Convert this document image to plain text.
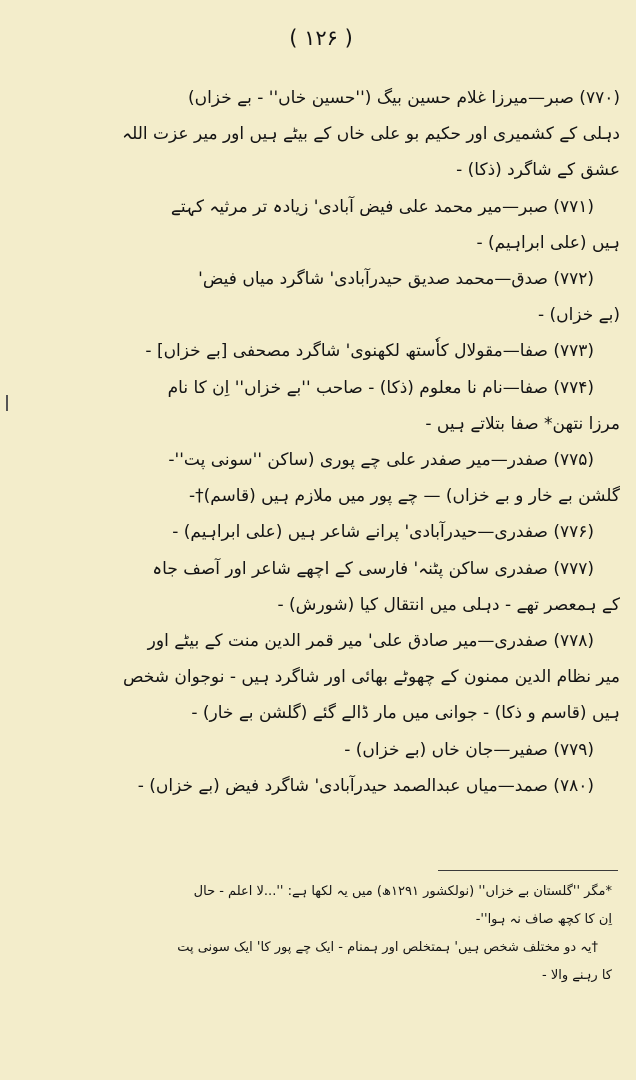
( ۱۲۶ )

(۷۷۰) صبر—میرزا غلام حسین بیگ (''حسین خاں'' - بے خزاں)

دہلی کے کشمیری اور حکیم بو علی خاں کے بیٹے ہیں اور میر عزت اللہ

عشق کے شاگرد (ذکا) -

(۷۷۱) صبر—میر محمد علی فیض آبادی' زیادہ تر مرثیہ کہتے

ہیں (علی ابراہیم) -

(۷۷۲) صدق—محمد صدیق حیدرآبادی' شاگرد میاں فیض'

(بے خزاں) -

(۷۷۳) صفا—مقولال کاٗستھ لکھنوی' شاگرد مصحفی [بے خزاں] -

(۷۷۴) صفا—نام نا معلوم (ذکا) - صاحب ''بے خزاں'' اِن کا نام

مرزا نتھن* صفا بتلاتے ہیں -

(۷۷۵) صفدر—میر صفدر علی چے پوری (ساکن ''سونی پت''-

گلشن بے خار و بے خزاں) — چے پور میں ملازم ہیں (قاسم)†-

(۷۷۶) صفدری—حیدرآبادی' پرانے شاعر ہیں (علی ابراہیم) -

(۷۷۷) صفدری ساکن پٹنہ' فارسی کے اچھے شاعر اور آصف جاہ

کے ہمعصر تھے - دہلی میں انتقال کیا (شورش) -

(۷۷۸) صفدری—میر صادق علی' میر قمر الدین منت کے بیٹے اور

میر نظام الدین ممنون کے چھوٹے بھائی اور شاگرد ہیں - نوجوان شخص

ہیں (قاسم و ذکا) - جوانی میں مار ڈالے گئے (گلشن بے خار) -

(۷۷۹) صفیر—جان خاں (بے خزاں) -

(۷۸۰) صمد—میاں عبدالصمد حیدرآبادی' شاگرد فیض (بے خزاں) -

*مگر ''گلستان بے خزاں'' (نولکشور ۱۲۹۱ھ) میں یہ لکھا ہے: ''...لا اعلم - حال

اِن کا کچھ صاف نہ ہوا''-

†یہ دو مختلف شخص ہیں' ہمتخلص اور ہمنام - ایک چے پور کا' ایک سونی پت

کا رہنے والا -
